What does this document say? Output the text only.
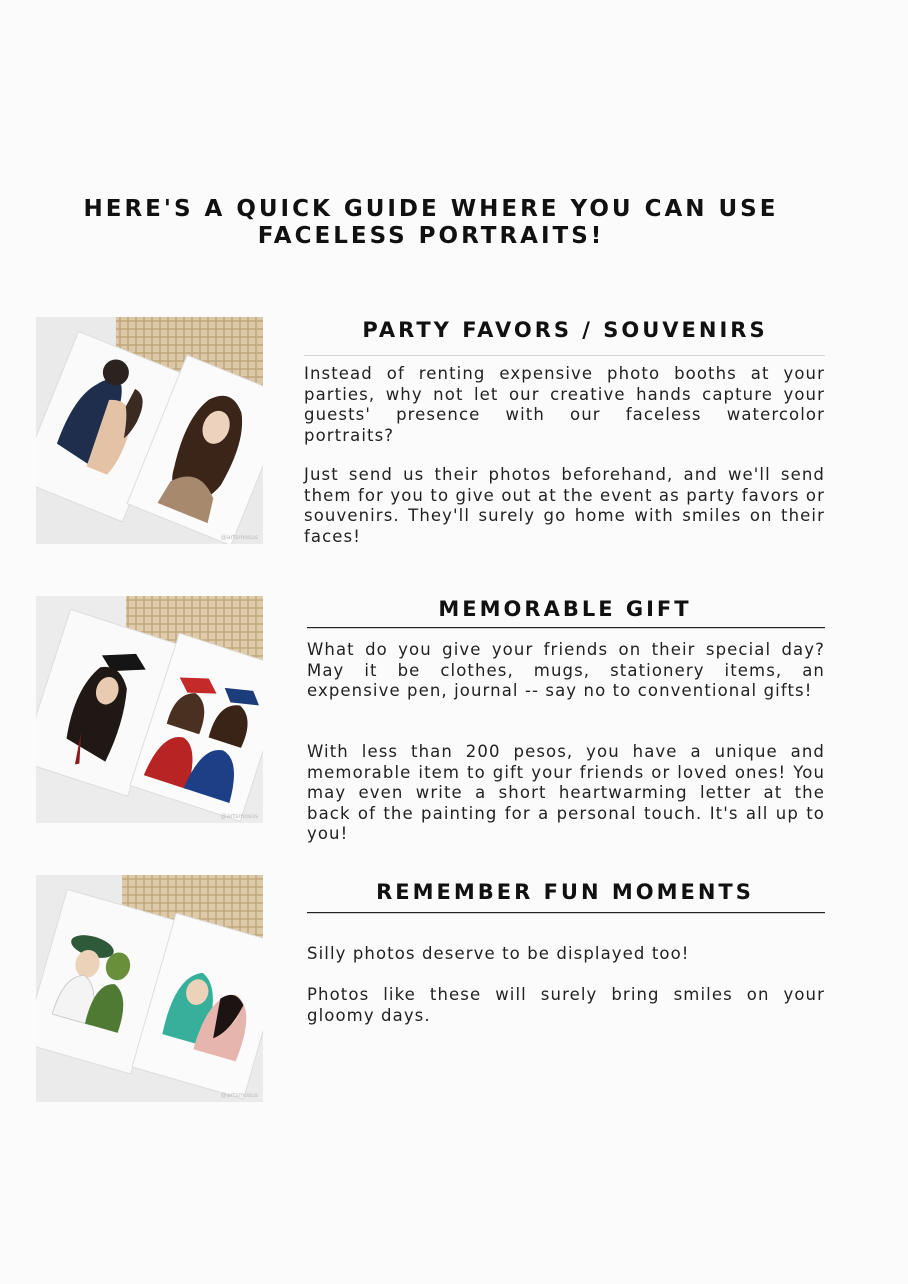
HERE'S A QUICK GUIDE WHERE YOU CAN USE FACELESS PORTRAITS!
@artsmosus
PARTY FAVORS / SOUVENIRS

Instead of renting expensive photo booths at your parties, why not let our creative hands capture your guests' presence with our faceless watercolor portraits?

Just send us their photos beforehand, and we'll send them for you to give out at the event as party favors or souvenirs. They'll surely go home with smiles on their faces!

@artsmosus
MEMORABLE GIFT

What do you give your friends on their special day? May it be clothes, mugs, stationery items, an expensive pen, journal -- say no to conventional gifts!

With less than 200 pesos, you have a unique and memorable item to gift your friends or loved ones! You may even write a short heartwarming letter at the back of the painting for a personal touch. It's all up to you!

@artsmosus
REMEMBER FUN MOMENTS

Silly photos deserve to be displayed too!

Photos like these will surely bring smiles on your gloomy days.
